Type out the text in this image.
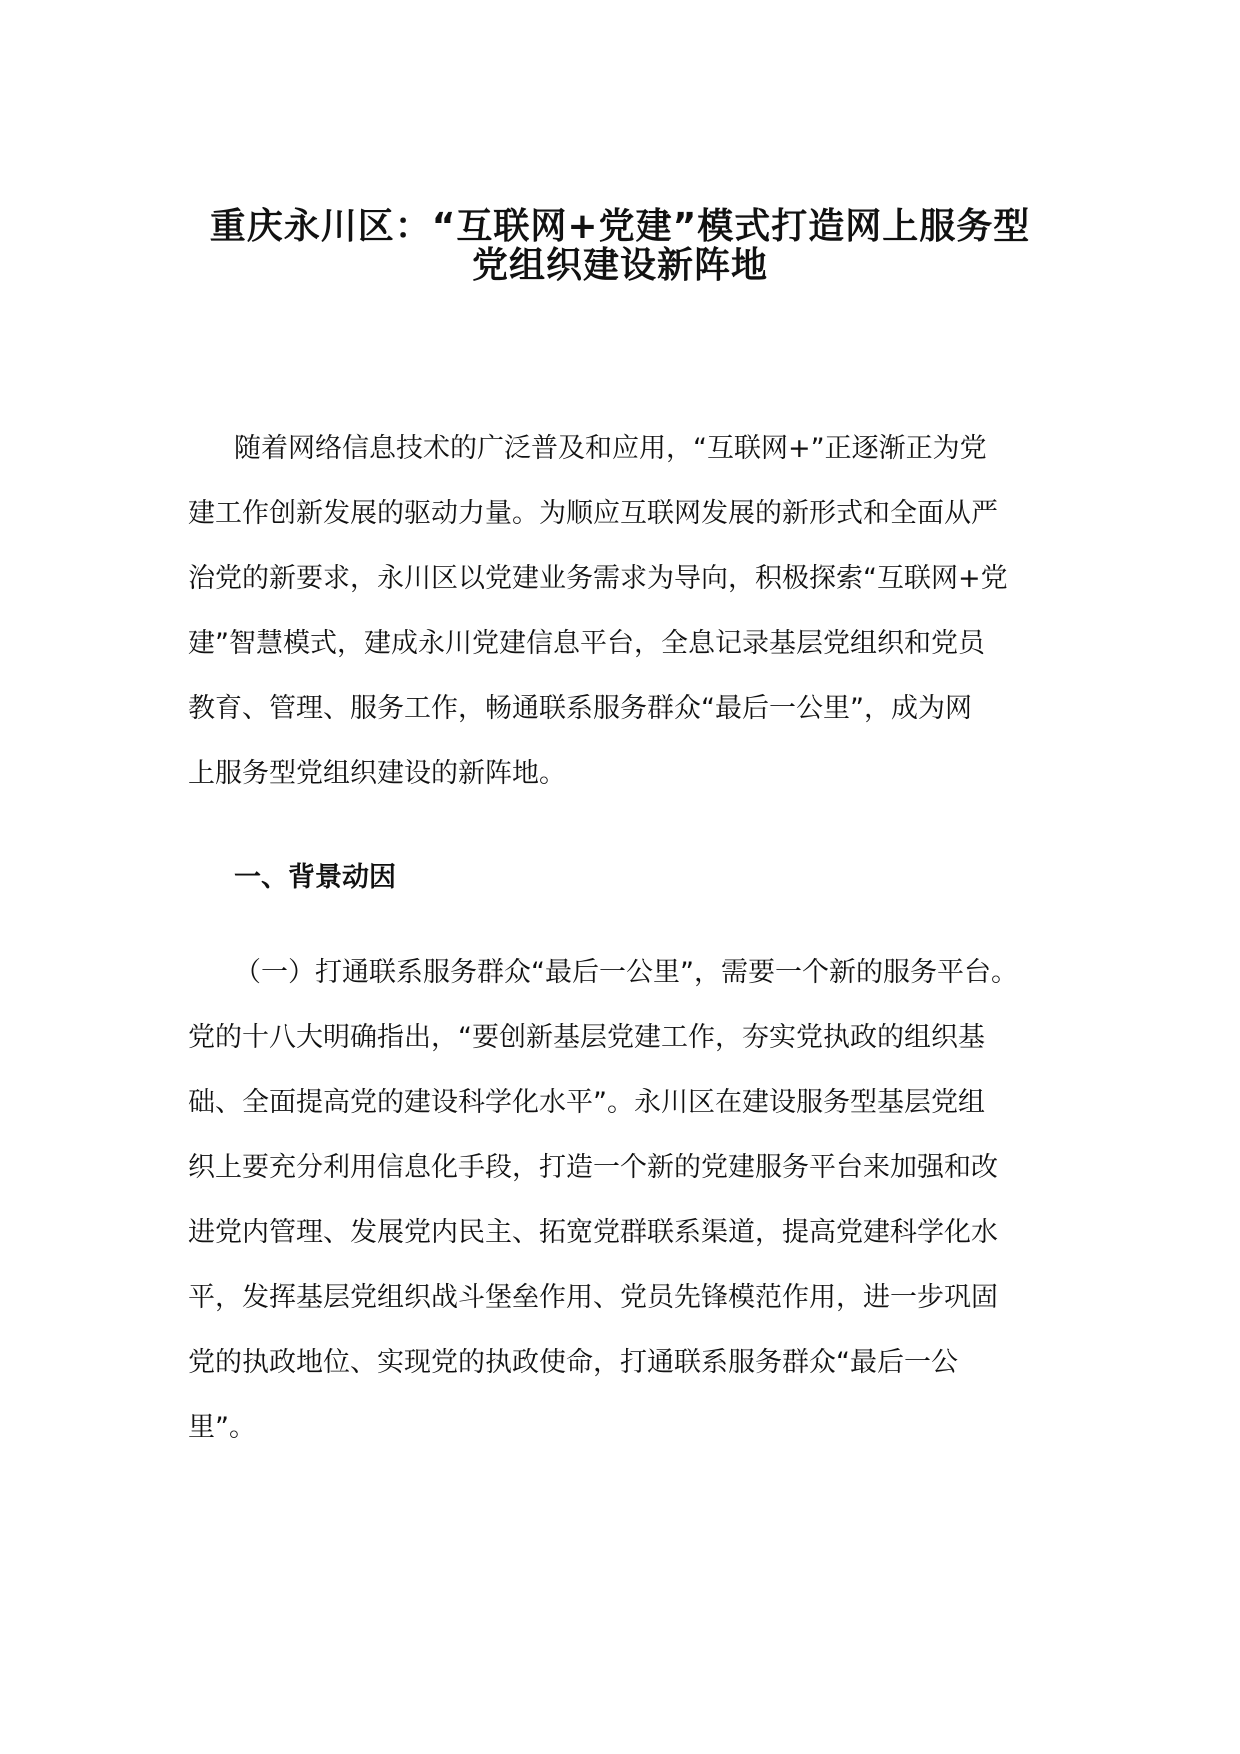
重庆永川区：“互联网+党建”模式打造网上服务型
党组织建设新阵地
随着网络信息技术的广泛普及和应用，“互联网+”正逐渐正为党
建工作创新发展的驱动力量。为顺应互联网发展的新形式和全面从严
治党的新要求，永川区以党建业务需求为导向，积极探索“互联网+党
建”智慧模式，建成永川党建信息平台，全息记录基层党组织和党员
教育、管理、服务工作，畅通联系服务群众“最后一公里”，成为网
上服务型党组织建设的新阵地。
一、背景动因
（一）打通联系服务群众“最后一公里”，需要一个新的服务平台。
党的十八大明确指出，“要创新基层党建工作，夯实党执政的组织基
础、全面提高党的建设科学化水平”。永川区在建设服务型基层党组
织上要充分利用信息化手段，打造一个新的党建服务平台来加强和改
进党内管理、发展党内民主、拓宽党群联系渠道，提高党建科学化水
平，发挥基层党组织战斗堡垒作用、党员先锋模范作用，进一步巩固
党的执政地位、实现党的执政使命，打通联系服务群众“最后一公
里”。
